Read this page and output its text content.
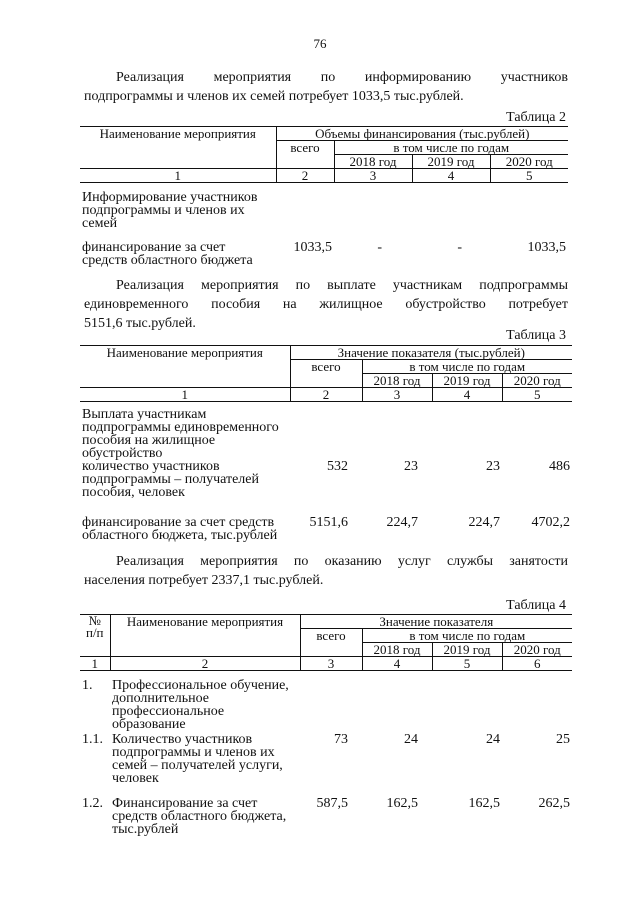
76
Реализация мероприятия по информированию участников
подпрограммы и членов их семей потребует 1033,5 тыс.рублей.
Таблица 2
Наименование мероприятия	Объемы финансирования (тыс.рублей)			
	всего	в том числе по годам		
		2018 год	2019 год	2020 год
1	2	3	4	5
Информирование участников подпрограммы и членов их семей				
финансирование за счет средств областного бюджета	1033,5	-	-	1033,5
Реализация мероприятия по выплате участникам подпрограммы
единовременного пособия на жилищное обустройство потребует
5151,6 тыс.рублей.
Таблица 3
Наименование мероприятия	Значение показателя (тыс.рублей)			
	всего	в том числе по годам		
		2018 год	2019 год	2020 год
1	2	3	4	5
Выплата участникам подпрограммы единовременного пособия на жилищное обустройство				
количество участников подпрограммы – получателей пособия, человек	532	23	23	486
финансирование за счет средств областного бюджета, тыс.рублей	5151,6	224,7	224,7	4702,2
Реализация мероприятия по оказанию услуг службы занятости
населения потребует 2337,1 тыс.рублей.
Таблица 4
№ п/п	Наименование мероприятия	Значение показателя			
		всего	в том числе по годам		
			2018 год	2019 год	2020 год
1	2	3	4	5	6
1.	Профессиональное обучение, дополнительное профессиональное образование				
1.1.	Количество участников подпрограммы и членов их семей – получателей услуги, человек	73	24	24	25
1.2.	Финансирование за счет средств областного бюджета, тыс.рублей	587,5	162,5	162,5	262,5
